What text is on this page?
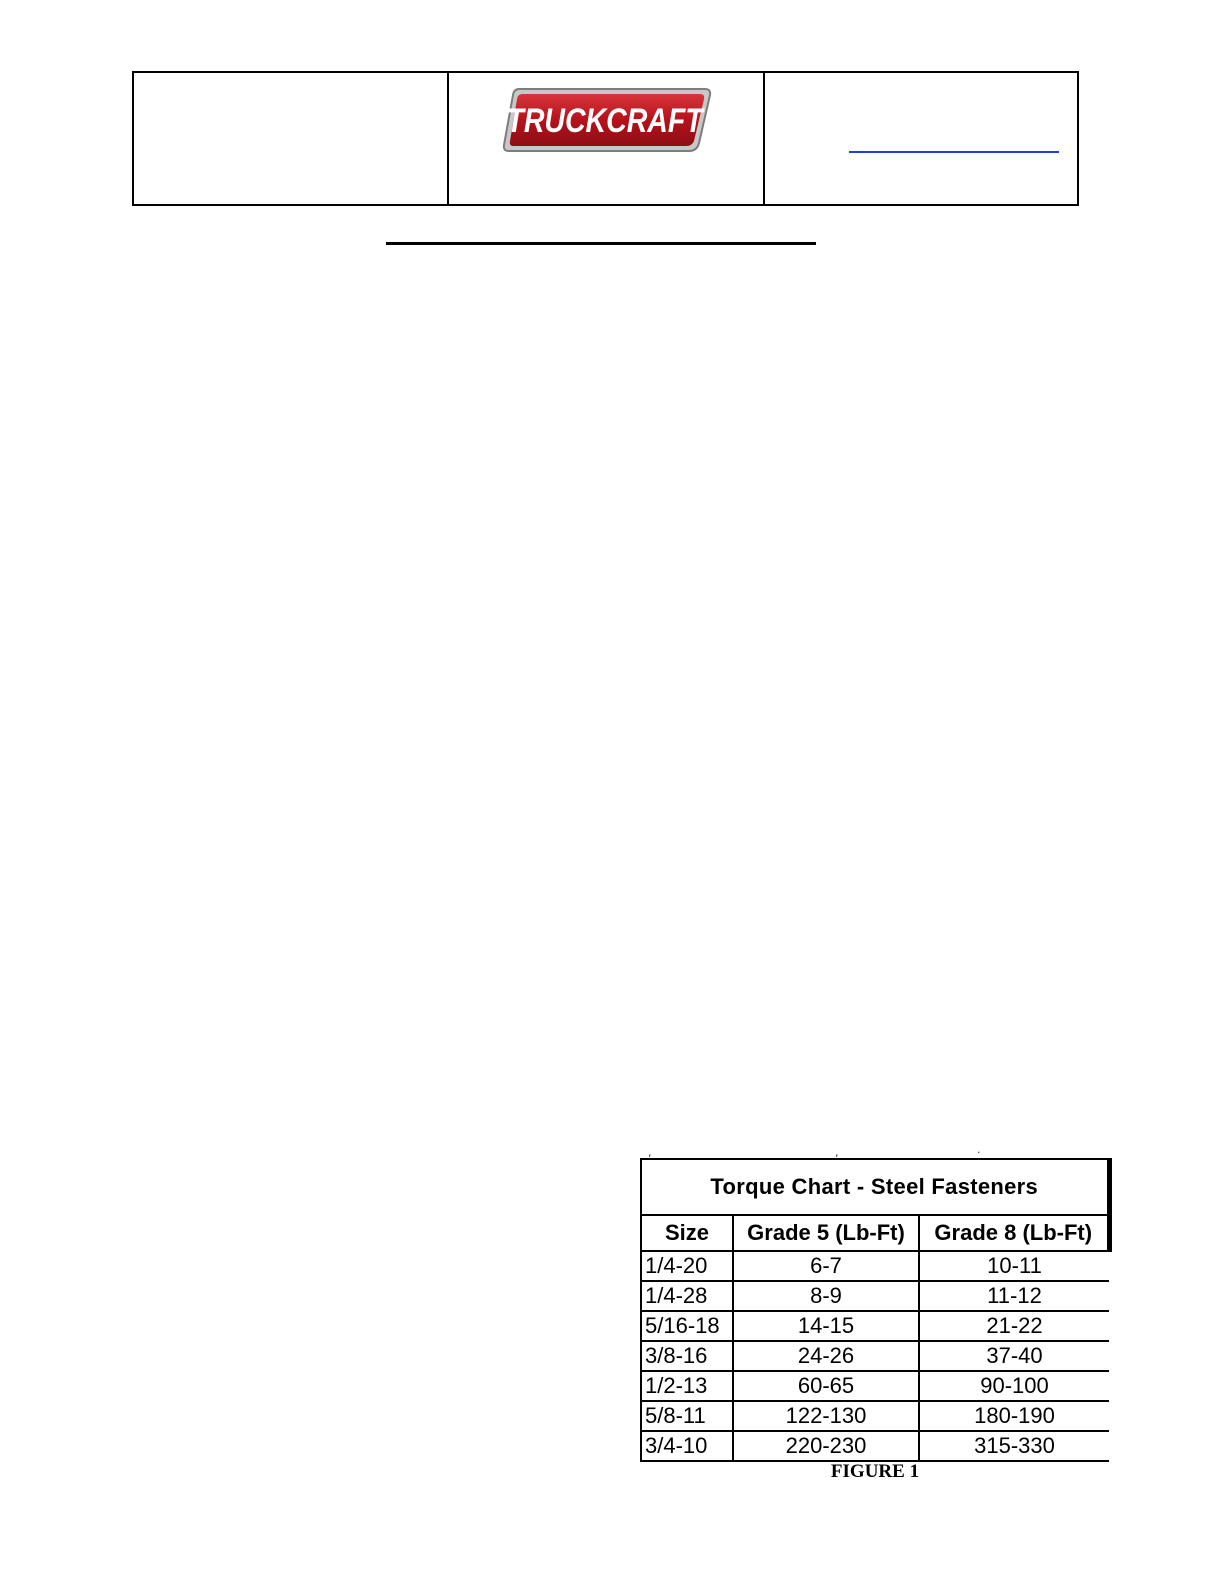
TRUCKCRAFT
,	,	·
Torque Chart - Steel Fasteners		
Size	Grade 5 (Lb-Ft)	Grade 8 (Lb-Ft)
1/4-20	6-7	10-11
1/4-28	8-9	11-12
5/16-18	14-15	21-22
3/8-16	24-26	37-40
1/2-13	60-65	90-100
5/8-11	122-130	180-190
3/4-10	220-230	315-330
FIGURE 1
